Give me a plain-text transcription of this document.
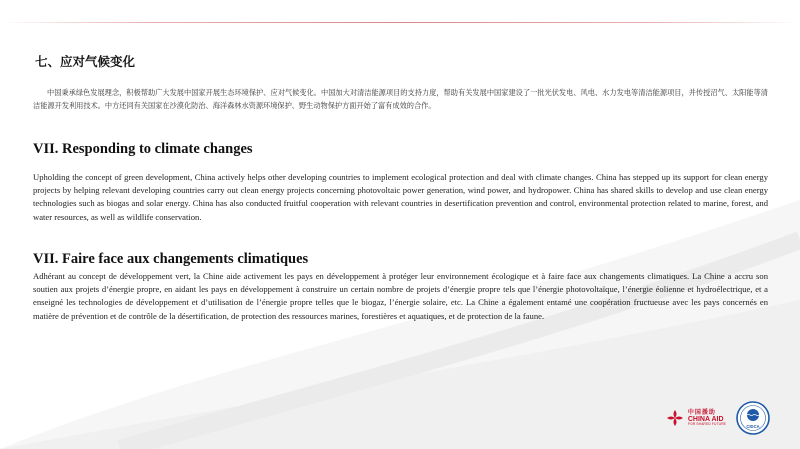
七、应对气候变化

中国秉承绿色发展理念，积极帮助广大发展中国家开展生态环境保护、应对气候变化。中国加大对清洁能源项目的支持力度，帮助有关发展中国家建设了一批光伏发电、风电、水力发电等清洁能源项目，并传授沼气、太阳能等清洁能源开发利用技术。中方还同有关国家在沙漠化防治、海洋森林水资源环境保护、野生动物保护方面开始了富有成效的合作。

VII. Responding to climate changes

Upholding the concept of green development, China actively helps other developing countries to implement ecological protection and deal with climate changes. China has stepped up its support for clean energy projects by helping relevant developing countries carry out clean energy projects concerning photovoltaic power generation, wind power, and hydropower. China has shared skills to develop and use clean energy technologies such as biogas and solar energy. China has also conducted fruitful cooperation with relevant countries in desertification prevention and control, environmental protection related to marine, forest, and water resources, as well as wildlife conservation.

VII. Faire face aux changements climatiques

Adhérant au concept de développement vert, la Chine aide activement les pays en développement à protéger leur environnement écologique et à faire face aux changements climatiques. La Chine a accru son soutien aux projets d’énergie propre, en aidant les pays en développement à construire un certain nombre de projets d’énergie propre tels que l’énergie photovoltaïque, l’énergie éolienne et hydroélectrique, et a enseigné les technologies de développement et d’utilisation de l’énergie propre telles que le biogaz, l’énergie solaire, etc. La Chine a également entamé une coopération fructueuse avec les pays concernés en matière de prévention et de contrôle de la désertification, de protection des ressources marines, forestières et aquatiques, et de protection de la faune.

中国援助
CHINA AID
FOR SHARED FUTURE
CIDCA
